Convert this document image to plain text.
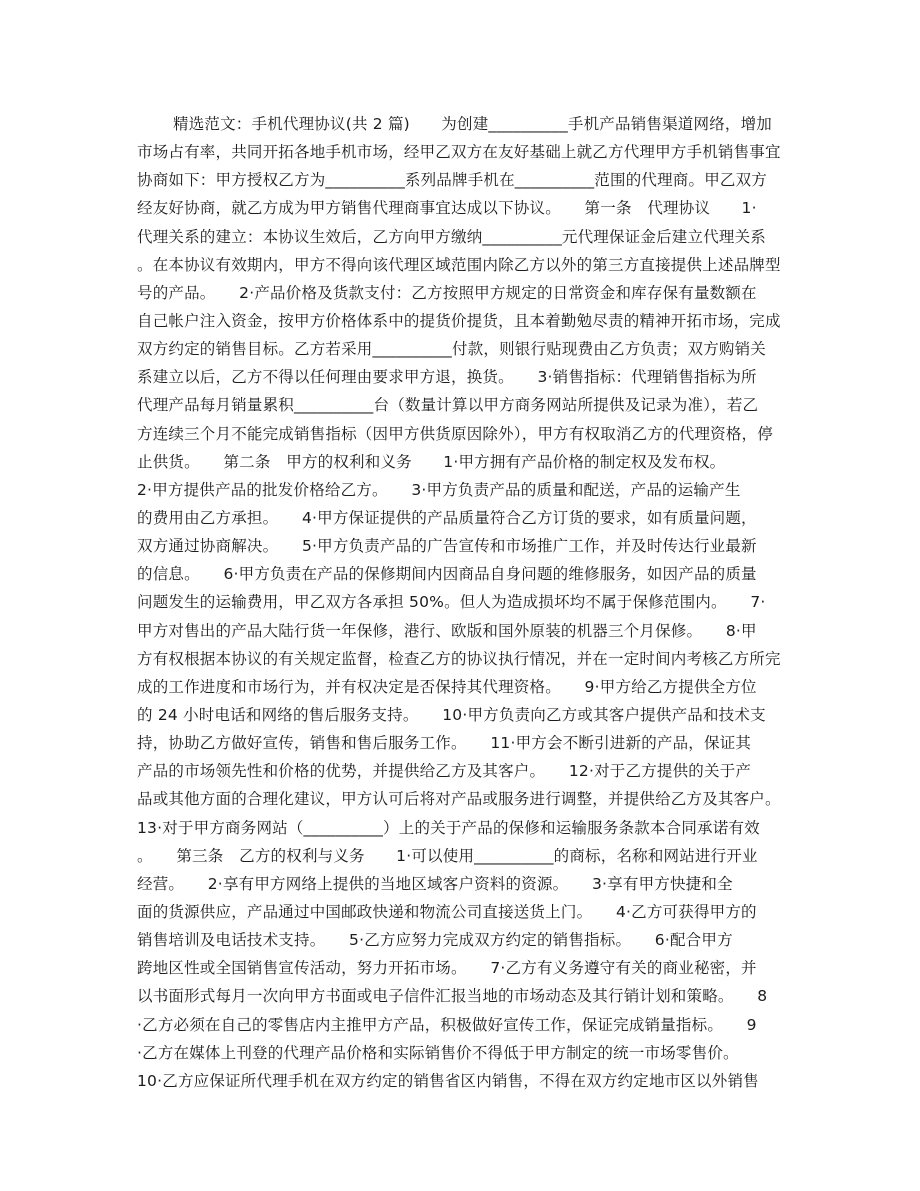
精选范文：手机代理协议(共 2 篇)　　为创建__________手机产品销售渠道网络，增加
市场占有率，共同开拓各地手机市场，经甲乙双方在友好基础上就乙方代理甲方手机销售事宜
协商如下：甲方授权乙方为__________系列品牌手机在__________范围的代理商。甲乙双方
经友好协商，就乙方成为甲方销售代理商事宜达成以下协议。　　第一条　代理协议　　1·
代理关系的建立：本协议生效后，乙方向甲方缴纳__________元代理保证金后建立代理关系
。在本协议有效期内，甲方不得向该代理区域范围内除乙方以外的第三方直接提供上述品牌型
号的产品。　　2·产品价格及货款支付：乙方按照甲方规定的日常资金和库存保有量数额在
自己帐户注入资金，按甲方价格体系中的提货价提货，且本着勤勉尽责的精神开拓市场，完成
双方约定的销售目标。乙方若采用__________付款，则银行贴现费由乙方负责；双方购销关
系建立以后，乙方不得以任何理由要求甲方退，换货。　　3·销售指标：代理销售指标为所
代理产品每月销量累积__________台（数量计算以甲方商务网站所提供及记录为准），若乙
方连续三个月不能完成销售指标（因甲方供货原因除外），甲方有权取消乙方的代理资格，停
止供货。　　第二条　甲方的权利和义务　　1·甲方拥有产品价格的制定权及发布权。
2·甲方提供产品的批发价格给乙方。　　3·甲方负责产品的质量和配送，产品的运输产生
的费用由乙方承担。　　4·甲方保证提供的产品质量符合乙方订货的要求，如有质量问题，
双方通过协商解决。　　5·甲方负责产品的广告宣传和市场推广工作，并及时传达行业最新
的信息。　　6·甲方负责在产品的保修期间内因商品自身问题的维修服务，如因产品的质量
问题发生的运输费用，甲乙双方各承担 50%。但人为造成损坏均不属于保修范围内。　　7·
甲方对售出的产品大陆行货一年保修，港行、欧版和国外原装的机器三个月保修。　　8·甲
方有权根据本协议的有关规定监督，检查乙方的协议执行情况，并在一定时间内考核乙方所完
成的工作进度和市场行为，并有权决定是否保持其代理资格。　　9·甲方给乙方提供全方位
的 24 小时电话和网络的售后服务支持。　　10·甲方负责向乙方或其客户提供产品和技术支
持，协助乙方做好宣传，销售和售后服务工作。　　11·甲方会不断引进新的产品，保证其
产品的市场领先性和价格的优势，并提供给乙方及其客户。　　12·对于乙方提供的关于产
品或其他方面的合理化建议，甲方认可后将对产品或服务进行调整，并提供给乙方及其客户。
13·对于甲方商务网站（__________）上的关于产品的保修和运输服务条款本合同承诺有效
。　　第三条　乙方的权利与义务　　1·可以使用__________的商标，名称和网站进行开业
经营。　　2·享有甲方网络上提供的当地区域客户资料的资源。　　3·享有甲方快捷和全
面的货源供应，产品通过中国邮政快递和物流公司直接送货上门。　　4·乙方可获得甲方的
销售培训及电话技术支持。　　5·乙方应努力完成双方约定的销售指标。　　6·配合甲方
跨地区性或全国销售宣传活动，努力开拓市场。　　7·乙方有义务遵守有关的商业秘密，并
以书面形式每月一次向甲方书面或电子信件汇报当地的市场动态及其行销计划和策略。　　8
·乙方必须在自己的零售店内主推甲方产品，积极做好宣传工作，保证完成销量指标。　　9
·乙方在媒体上刊登的代理产品价格和实际销售价不得低于甲方制定的统一市场零售价。
10·乙方应保证所代理手机在双方约定的销售省区内销售，不得在双方约定地市区以外销售
